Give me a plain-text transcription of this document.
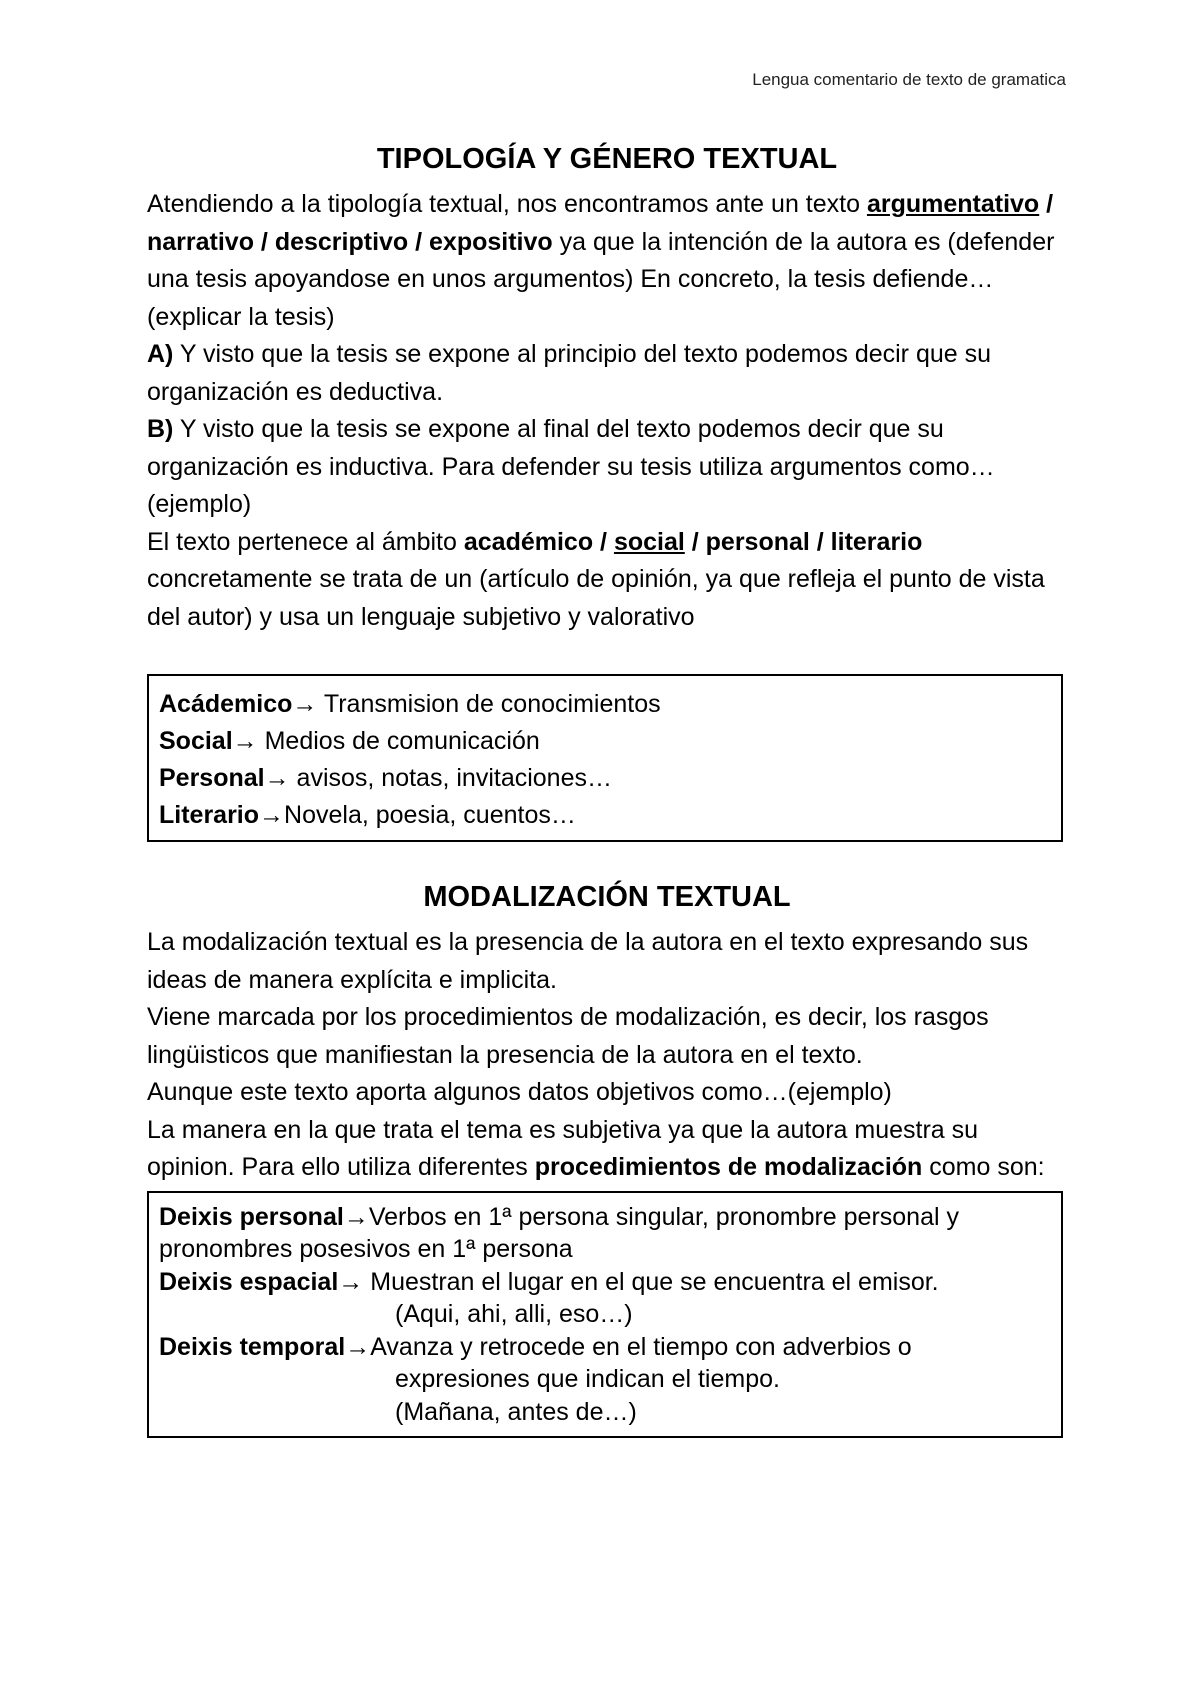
Lengua comentario de texto de gramatica
TIPOLOGÍA Y GÉNERO TEXTUAL

Atendiendo a la tipología textual, nos encontramos ante un texto argumentativo / narrativo / descriptivo / expositivo ya que la intención de la autora es (defender una tesis apoyandose en unos argumentos) En concreto, la tesis defiende…(explicar la tesis)

A) Y visto que la tesis se expone al principio del texto podemos decir que su organización es deductiva.

B) Y visto que la tesis se expone al final del texto podemos decir que su organización es inductiva. Para defender su tesis utiliza argumentos como…(ejemplo)

El texto pertenece al ámbito académico / social / personal / literario concretamente se trata de un (artículo de opinión, ya que refleja el punto de vista del autor) y usa un lenguaje subjetivo y valorativo

Acádemico→ Transmision de conocimientos
Social→ Medios de comunicación
Personal→ avisos, notas, invitaciones…
Literario→Novela, poesia, cuentos…
MODALIZACIÓN TEXTUAL

La modalización textual es la presencia de la autora en el texto expresando sus ideas de manera explícita e implicita.

Viene marcada por los procedimientos de modalización, es decir, los rasgos lingüisticos que manifiestan la presencia de la autora en el texto.

Aunque este texto aporta algunos datos objetivos como…(ejemplo)

La manera en la que trata el tema es subjetiva ya que la autora muestra su opinion. Para ello utiliza diferentes procedimientos de modalización como son:

Deixis personal→Verbos en 1ª persona singular, pronombre personal y pronombres posesivos en 1ª persona
Deixis espacial→ Muestran el lugar en el que se encuentra el emisor.
(Aqui, ahi, alli, eso…)
Deixis temporal→Avanza y retrocede en el tiempo con adverbios o
expresiones que indican el tiempo.
(Mañana, antes de…)
